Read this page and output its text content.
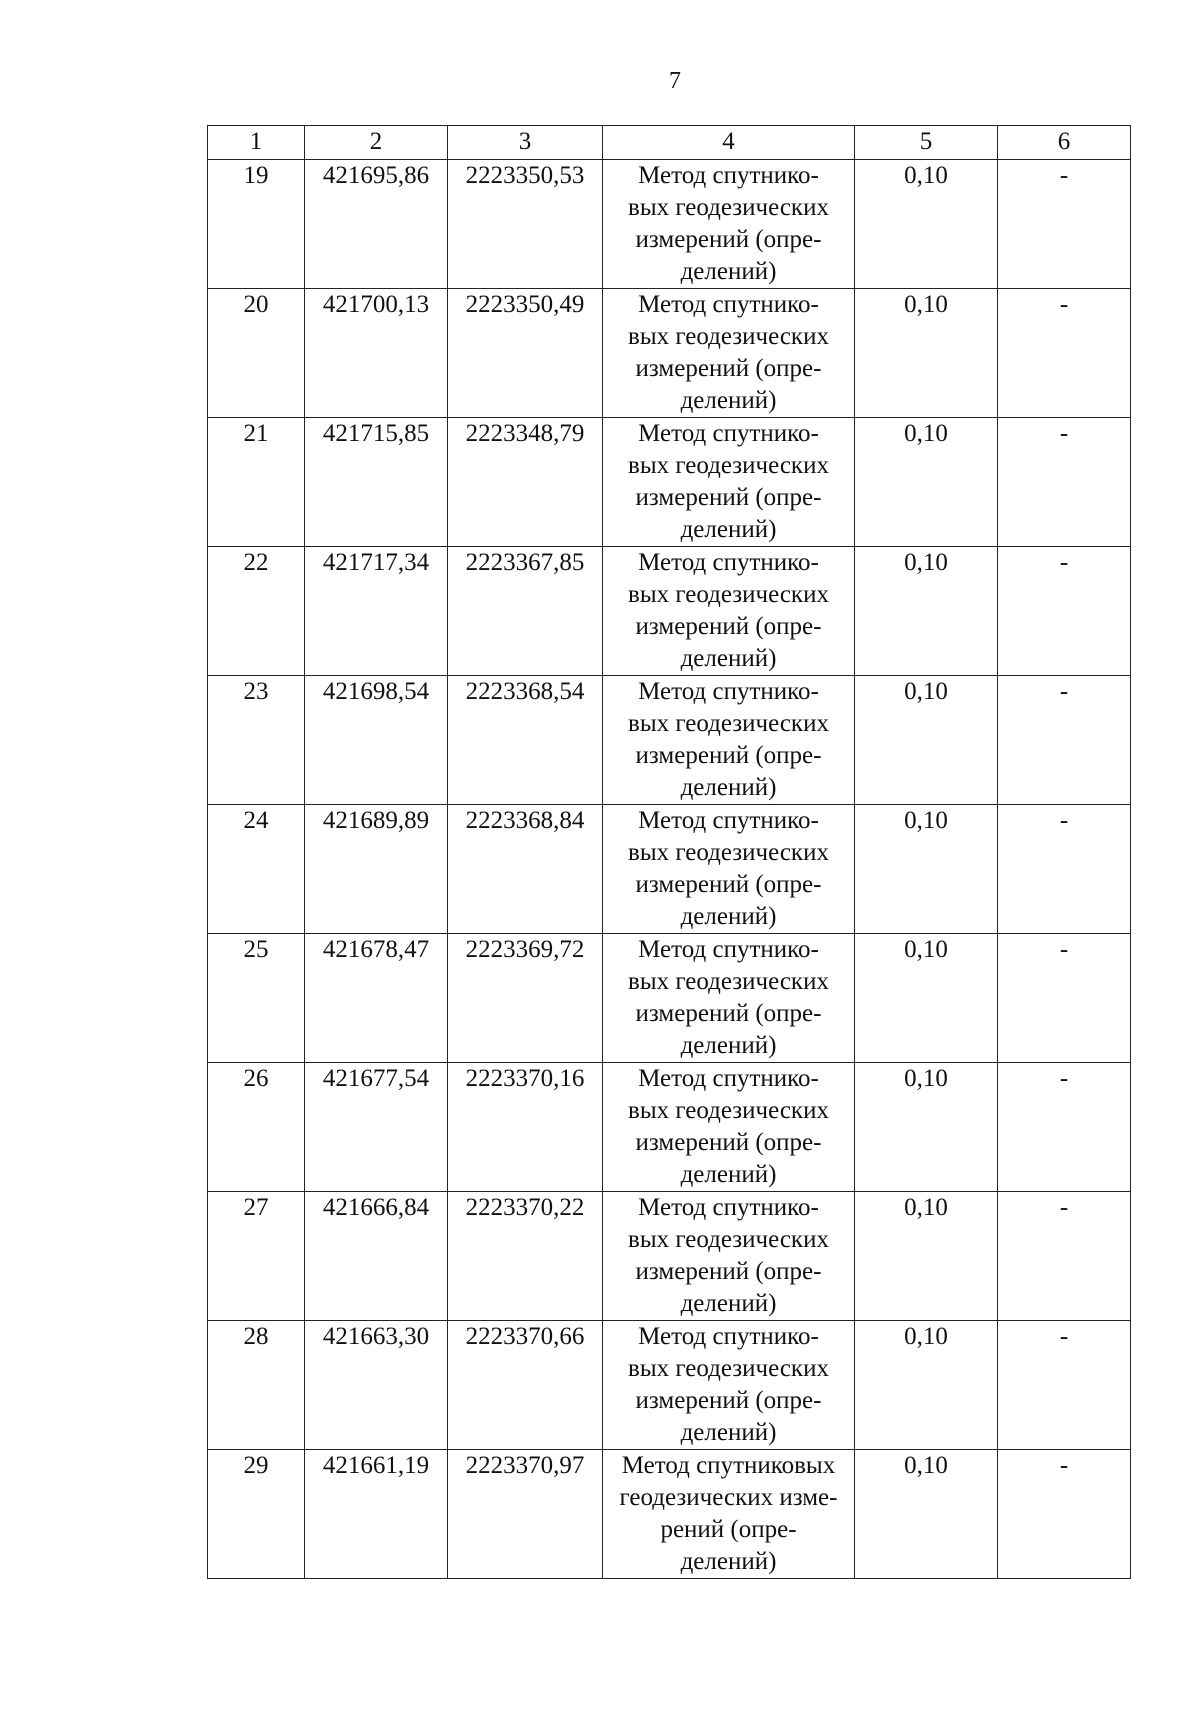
7
1	2	3	4	5	6
19	421695,86	2223350,53	Метод спутнико-
вых геодезических
измерений (опре-
делений)	0,10	-
20	421700,13	2223350,49	Метод спутнико-
вых геодезических
измерений (опре-
делений)	0,10	-
21	421715,85	2223348,79	Метод спутнико-
вых геодезических
измерений (опре-
делений)	0,10	-
22	421717,34	2223367,85	Метод спутнико-
вых геодезических
измерений (опре-
делений)	0,10	-
23	421698,54	2223368,54	Метод спутнико-
вых геодезических
измерений (опре-
делений)	0,10	-
24	421689,89	2223368,84	Метод спутнико-
вых геодезических
измерений (опре-
делений)	0,10	-
25	421678,47	2223369,72	Метод спутнико-
вых геодезических
измерений (опре-
делений)	0,10	-
26	421677,54	2223370,16	Метод спутнико-
вых геодезических
измерений (опре-
делений)	0,10	-
27	421666,84	2223370,22	Метод спутнико-
вых геодезических
измерений (опре-
делений)	0,10	-
28	421663,30	2223370,66	Метод спутнико-
вых геодезических
измерений (опре-
делений)	0,10	-
29	421661,19	2223370,97	Метод спутниковых
геодезических изме-
рений (опре-
делений)	0,10	-
